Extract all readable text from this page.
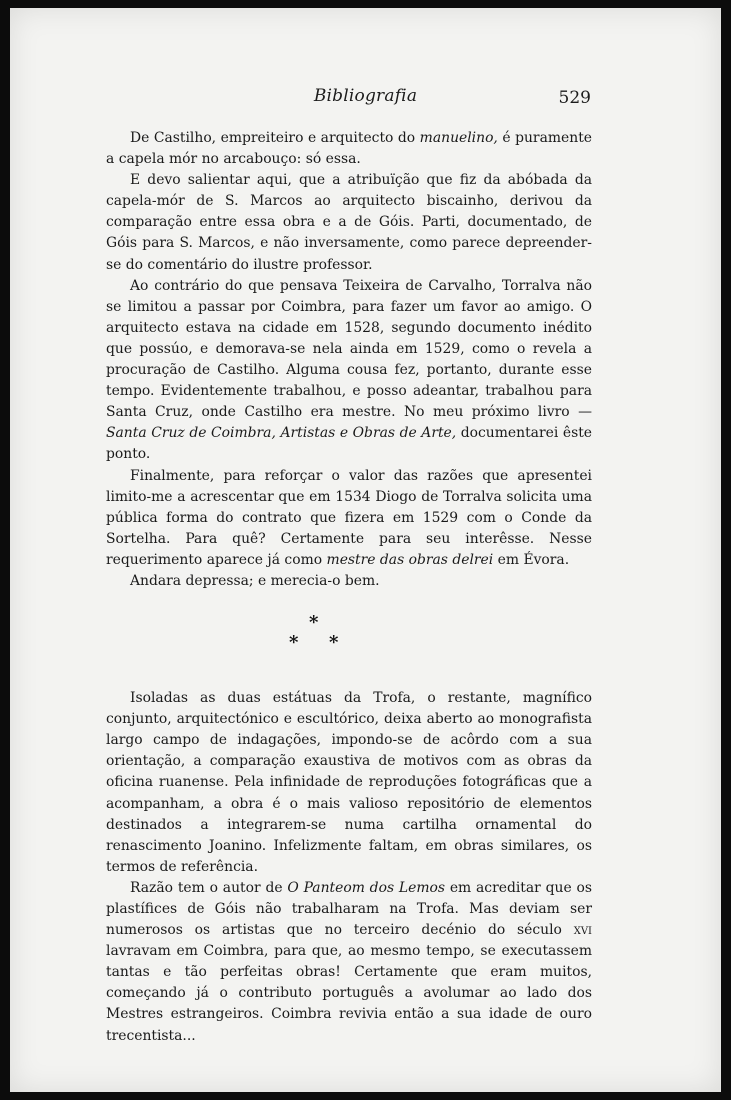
Bibliografia	529

De Castilho, empreiteiro e arquitecto do manuelino, é puramente a capela mór no arcabouço: só essa.

E devo salientar aqui, que a atribuïção que fiz da abóbada da capela-mór de S. Marcos ao arquitecto biscainho, derivou da comparação entre essa obra e a de Góis. Parti, documentado, de Góis para S. Marcos, e não inversamente, como parece depreender-se do comentário do ilustre professor.

Ao contrário do que pensava Teixeira de Carvalho, Torralva não se limitou a passar por Coimbra, para fazer um favor ao amigo. O arquitecto estava na cidade em 1528, segundo documento inédito que possúo, e demorava-se nela ainda em 1529, como o revela a procuração de Castilho. Alguma cousa fez, portanto, durante esse tempo. Evidentemente trabalhou, e posso adeantar, trabalhou para Santa Cruz, onde Castilho era mestre. No meu próximo livro — Santa Cruz de Coimbra, Artistas e Obras de Arte, documentarei êste ponto.

Finalmente, para reforçar o valor das razões que apresentei limito-me a acrescentar que em 1534 Diogo de Torralva solicita uma pública forma do contrato que fizera em 1529 com o Conde da Sortelha. Para quê? Certamente para seu interêsse. Nesse requerimento aparece já como mestre das obras delrei em Évora.

Andara depressa; e merecia-o bem.

*
* *

Isoladas as duas estátuas da Trofa, o restante, magnífico conjunto, arquitectónico e escultórico, deixa aberto ao monografista largo campo de indagações, impondo-se de acôrdo com a sua orientação, a comparação exaustiva de motivos com as obras da oficina ruanense. Pela infinidade de reproduções fotográficas que a acompanham, a obra é o mais valioso repositório de elementos destinados a integrarem-se numa cartilha ornamental do renascimento Joanino. Infelizmente faltam, em obras similares, os termos de referência.

Razão tem o autor de O Panteom dos Lemos em acreditar que os plastífices de Góis não trabalharam na Trofa. Mas deviam ser numerosos os artistas que no terceiro decénio do século xvi lavravam em Coimbra, para que, ao mesmo tempo, se executassem tantas e tão perfeitas obras! Certamente que eram muitos, começando já o contributo português a avolumar ao lado dos Mestres estrangeiros. Coimbra revivia então a sua idade de ouro trecentista...
